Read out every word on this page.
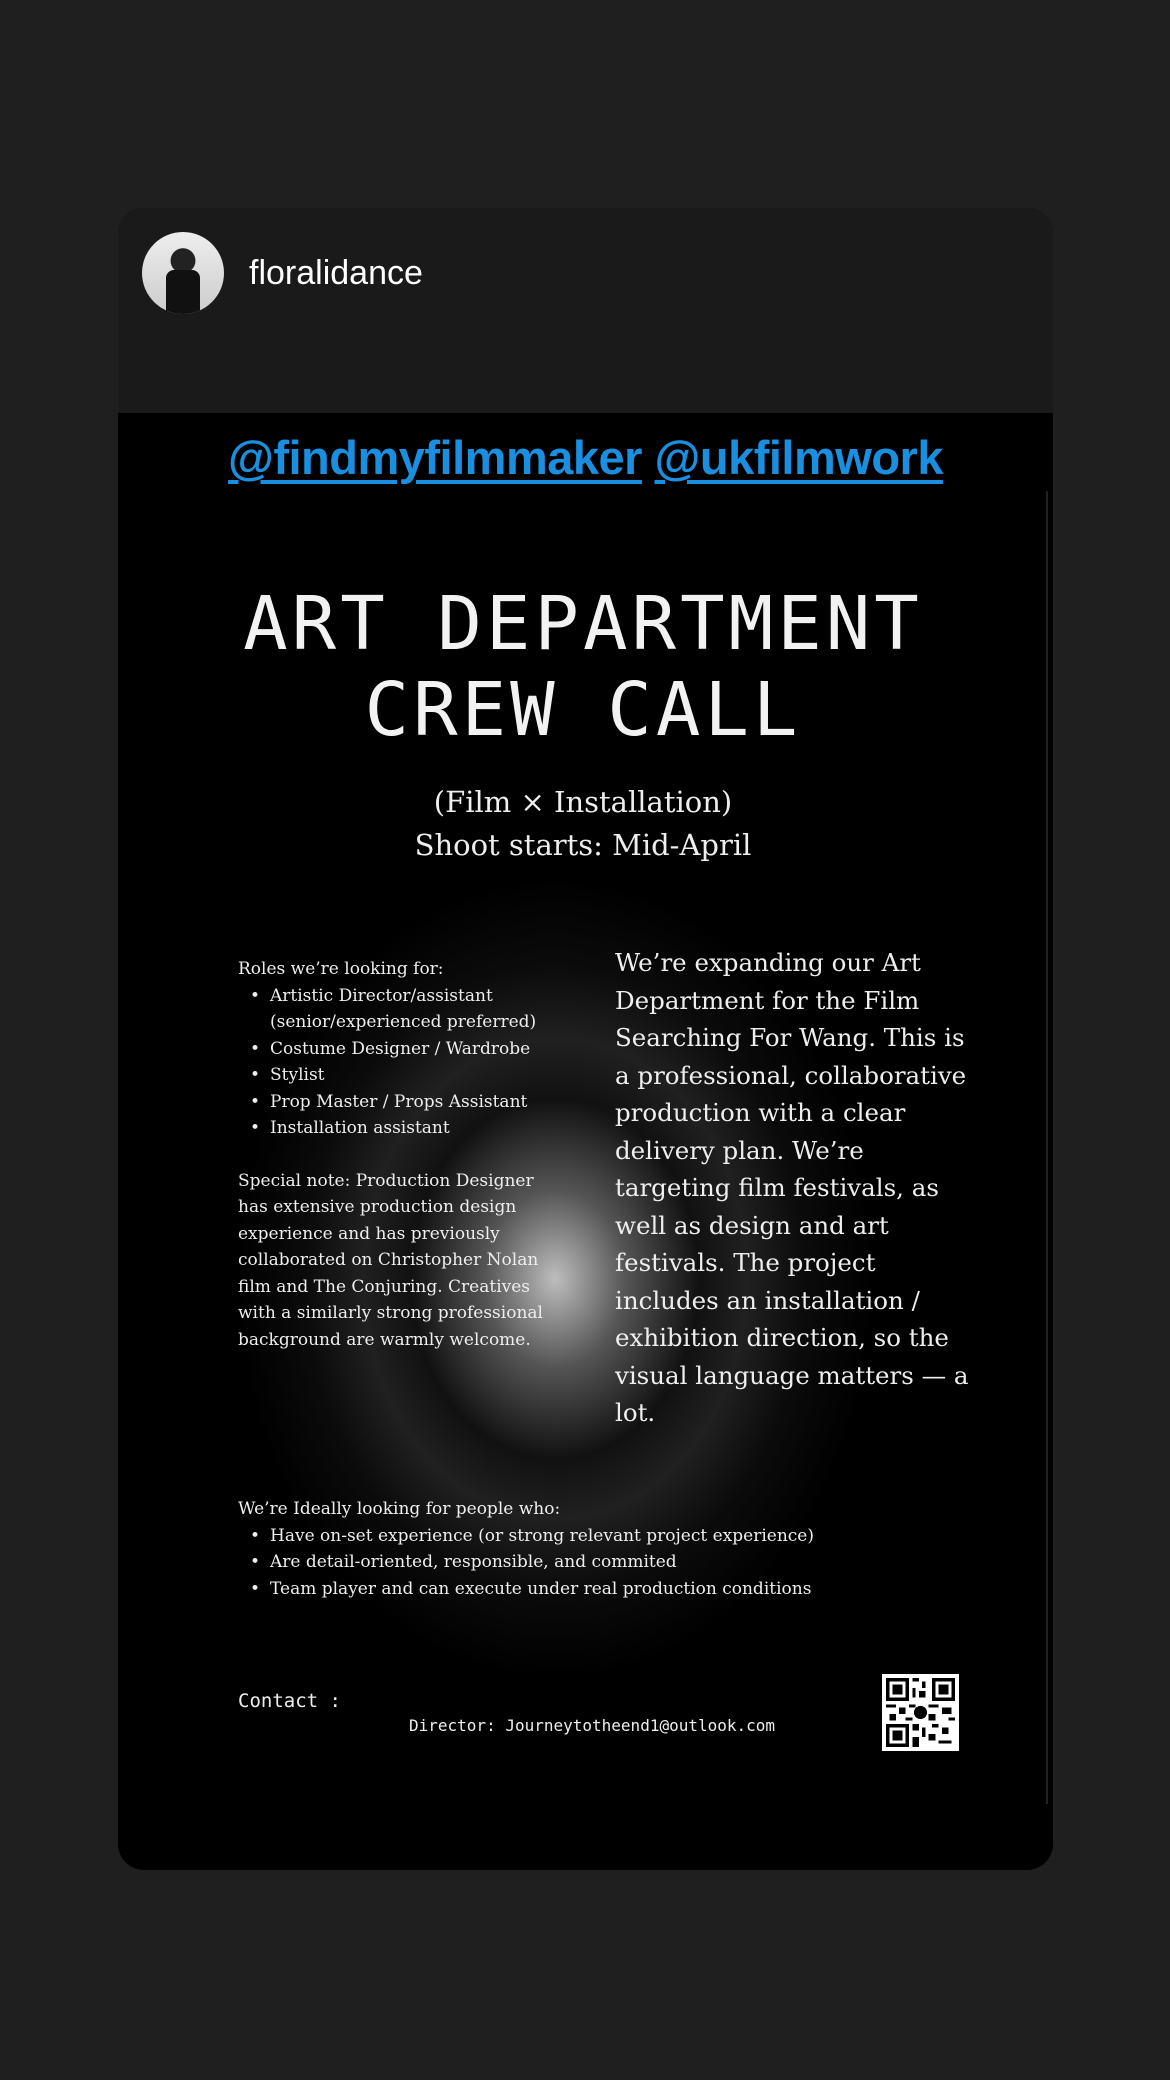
floralidance
@findmyfilmmaker @ukfilmwork
ART DEPARTMENT
CREW CALL
(Film × Installation)
Shoot starts: Mid-April
Roles we’re looking for:
• Artistic Director/assistant (senior/experienced preferred)
• Costume Designer / Wardrobe
• Stylist
• Prop Master / Props Assistant
• Installation assistant
Special note: Production Designer has extensive production design experience and has previously collaborated on Christopher Nolan film and The Conjuring. Creatives with a similarly strong professional background are warmly welcome.
We’re expanding our Art Department for the Film Searching For Wang. This is a professional, collaborative production with a clear delivery plan. We’re targeting film festivals, as well as design and art festivals. The project includes an installation / exhibition direction, so the visual language matters — a lot.
We’re Ideally looking for people who:
• Have on-set experience (or strong relevant project experience)
• Are detail-oriented, responsible, and commited
• Team player and can execute under real production conditions
Contact :
Director: Journeytotheend1@outlook.com
